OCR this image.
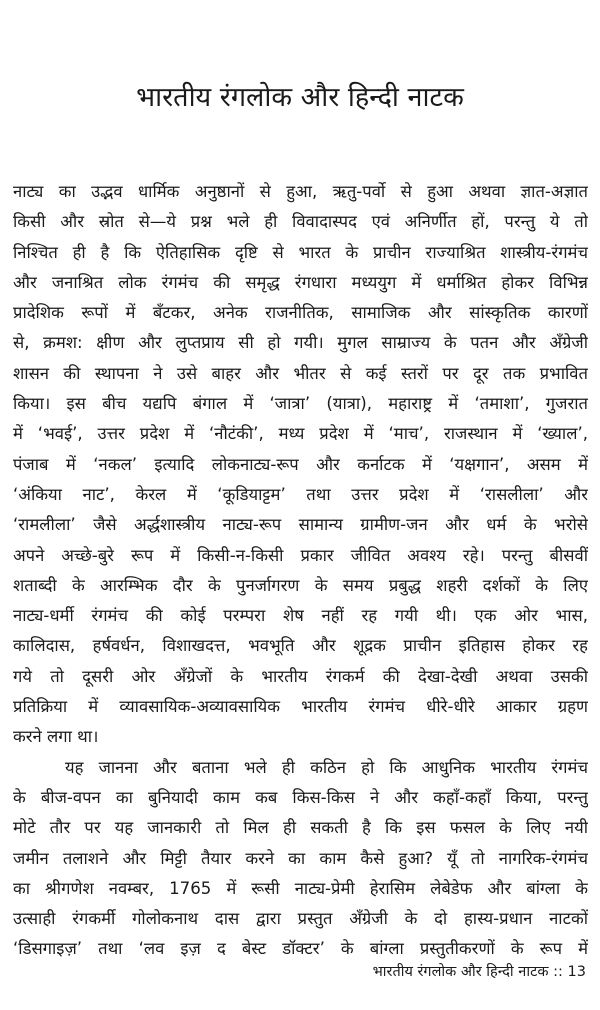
भारतीय रंगलोक और हिन्दी नाटक
नाट्य का उद्भव धार्मिक अनुष्ठानों से हुआ, ऋतु-पर्वो से हुआ अथवा ज्ञात-अज्ञात
किसी और स्रोत से—ये प्रश्न भले ही विवादास्पद एवं अनिर्णीत हों, परन्तु ये तो
निश्चित ही है कि ऐतिहासिक दृष्टि से भारत के प्राचीन राज्याश्रित शास्त्रीय-रंगमंच
और जनाश्रित लोक रंगमंच की समृद्ध रंगधारा मध्ययुग में धर्माश्रित होकर विभिन्न
प्रादेशिक रूपों में बँटकर, अनेक राजनीतिक, सामाजिक और सांस्कृतिक कारणों
से, क्रमश: क्षीण और लुप्तप्राय सी हो गयी। मुगल साम्राज्य के पतन और अँग्रेजी
शासन की स्थापना ने उसे बाहर और भीतर से कई स्तरों पर दूर तक प्रभावित
किया। इस बीच यद्यपि बंगाल में ‘जात्रा’ (यात्रा), महाराष्ट्र में ‘तमाशा’, गुजरात
में ‘भवई’, उत्तर प्रदेश में ‘नौटंकी’, मध्य प्रदेश में ‘माच’, राजस्थान में ‘ख्याल’,
पंजाब में ‘नकल’ इत्यादि लोकनाट्य-रूप और कर्नाटक में ‘यक्षगान’, असम में
‘अंकिया नाट’, केरल में ‘कूडियाट्टम’ तथा उत्तर प्रदेश में ‘रासलीला’ और
‘रामलीला’ जैसे अर्द्धशास्त्रीय नाट्य-रूप सामान्य ग्रामीण-जन और धर्म के भरोसे
अपने अच्छे-बुरे रूप में किसी-न-किसी प्रकार जीवित अवश्य रहे। परन्तु बीसवीं
शताब्दी के आरम्भिक दौर के पुनर्जागरण के समय प्रबुद्ध शहरी दर्शकों के लिए
नाट्य-धर्मी रंगमंच की कोई परम्परा शेष नहीं रह गयी थी। एक ओर भास,
कालिदास, हर्षवर्धन, विशाखदत्त, भवभूति और शूद्रक प्राचीन इतिहास होकर रह
गये तो दूसरी ओर अँग्रेजों के भारतीय रंगकर्म की देखा-देखी अथवा उसकी
प्रतिक्रिया में व्यावसायिक-अव्यावसायिक भारतीय रंगमंच धीरे-धीरे आकार ग्रहण
करने लगा था।
यह जानना और बताना भले ही कठिन हो कि आधुनिक भारतीय रंगमंच
के बीज-वपन का बुनियादी काम कब किस-किस ने और कहाँ-कहाँ किया, परन्तु
मोटे तौर पर यह जानकारी तो मिल ही सकती है कि इस फसल के लिए नयी
जमीन तलाशने और मिट्टी तैयार करने का काम कैसे हुआ? यूँ तो नागरिक-रंगमंच
का श्रीगणेश नवम्बर, 1765 में रूसी नाट्य-प्रेमी हेरासिम लेबेडेफ और बांग्ला के
उत्साही रंगकर्मी गोलोकनाथ दास द्वारा प्रस्तुत अँग्रेजी के दो हास्य-प्रधान नाटकों
‘डिसगाइज़’ तथा ‘लव इज़ द बेस्ट डॉक्टर’ के बांग्ला प्रस्तुतीकरणों के रूप में
भारतीय रंगलोक और हिन्दी नाटक :: 13
